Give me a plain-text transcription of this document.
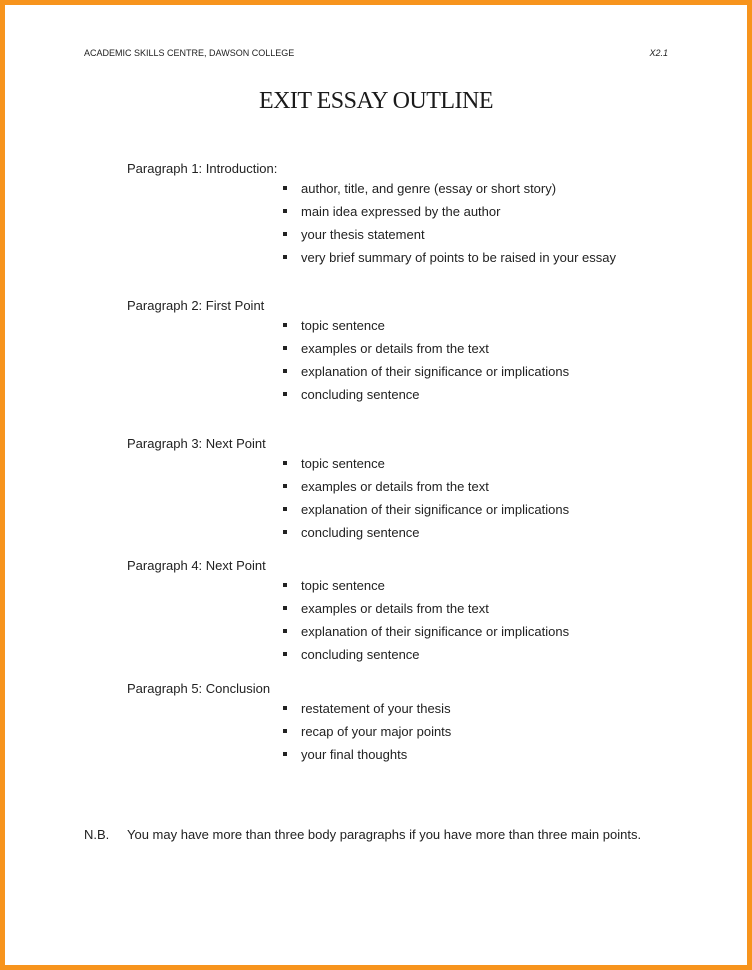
ACADEMIC SKILLS CENTRE, DAWSON COLLEGE	X2.1
EXIT ESSAY OUTLINE
Paragraph 1: Introduction:
author, title, and genre (essay or short story)
main idea expressed by the author
your thesis statement
very brief summary of points to be raised in your essay
Paragraph 2: First Point
topic sentence
examples or details from the text
explanation of their significance or implications
concluding sentence
Paragraph 3: Next Point
topic sentence
examples or details from the text
explanation of their significance or implications
concluding sentence
Paragraph 4: Next Point
topic sentence
examples or details from the text
explanation of their significance or implications
concluding sentence
Paragraph 5: Conclusion
restatement of your thesis
recap of your major points
your final thoughts
N.B. You may have more than three body paragraphs if you have more than three main points.
